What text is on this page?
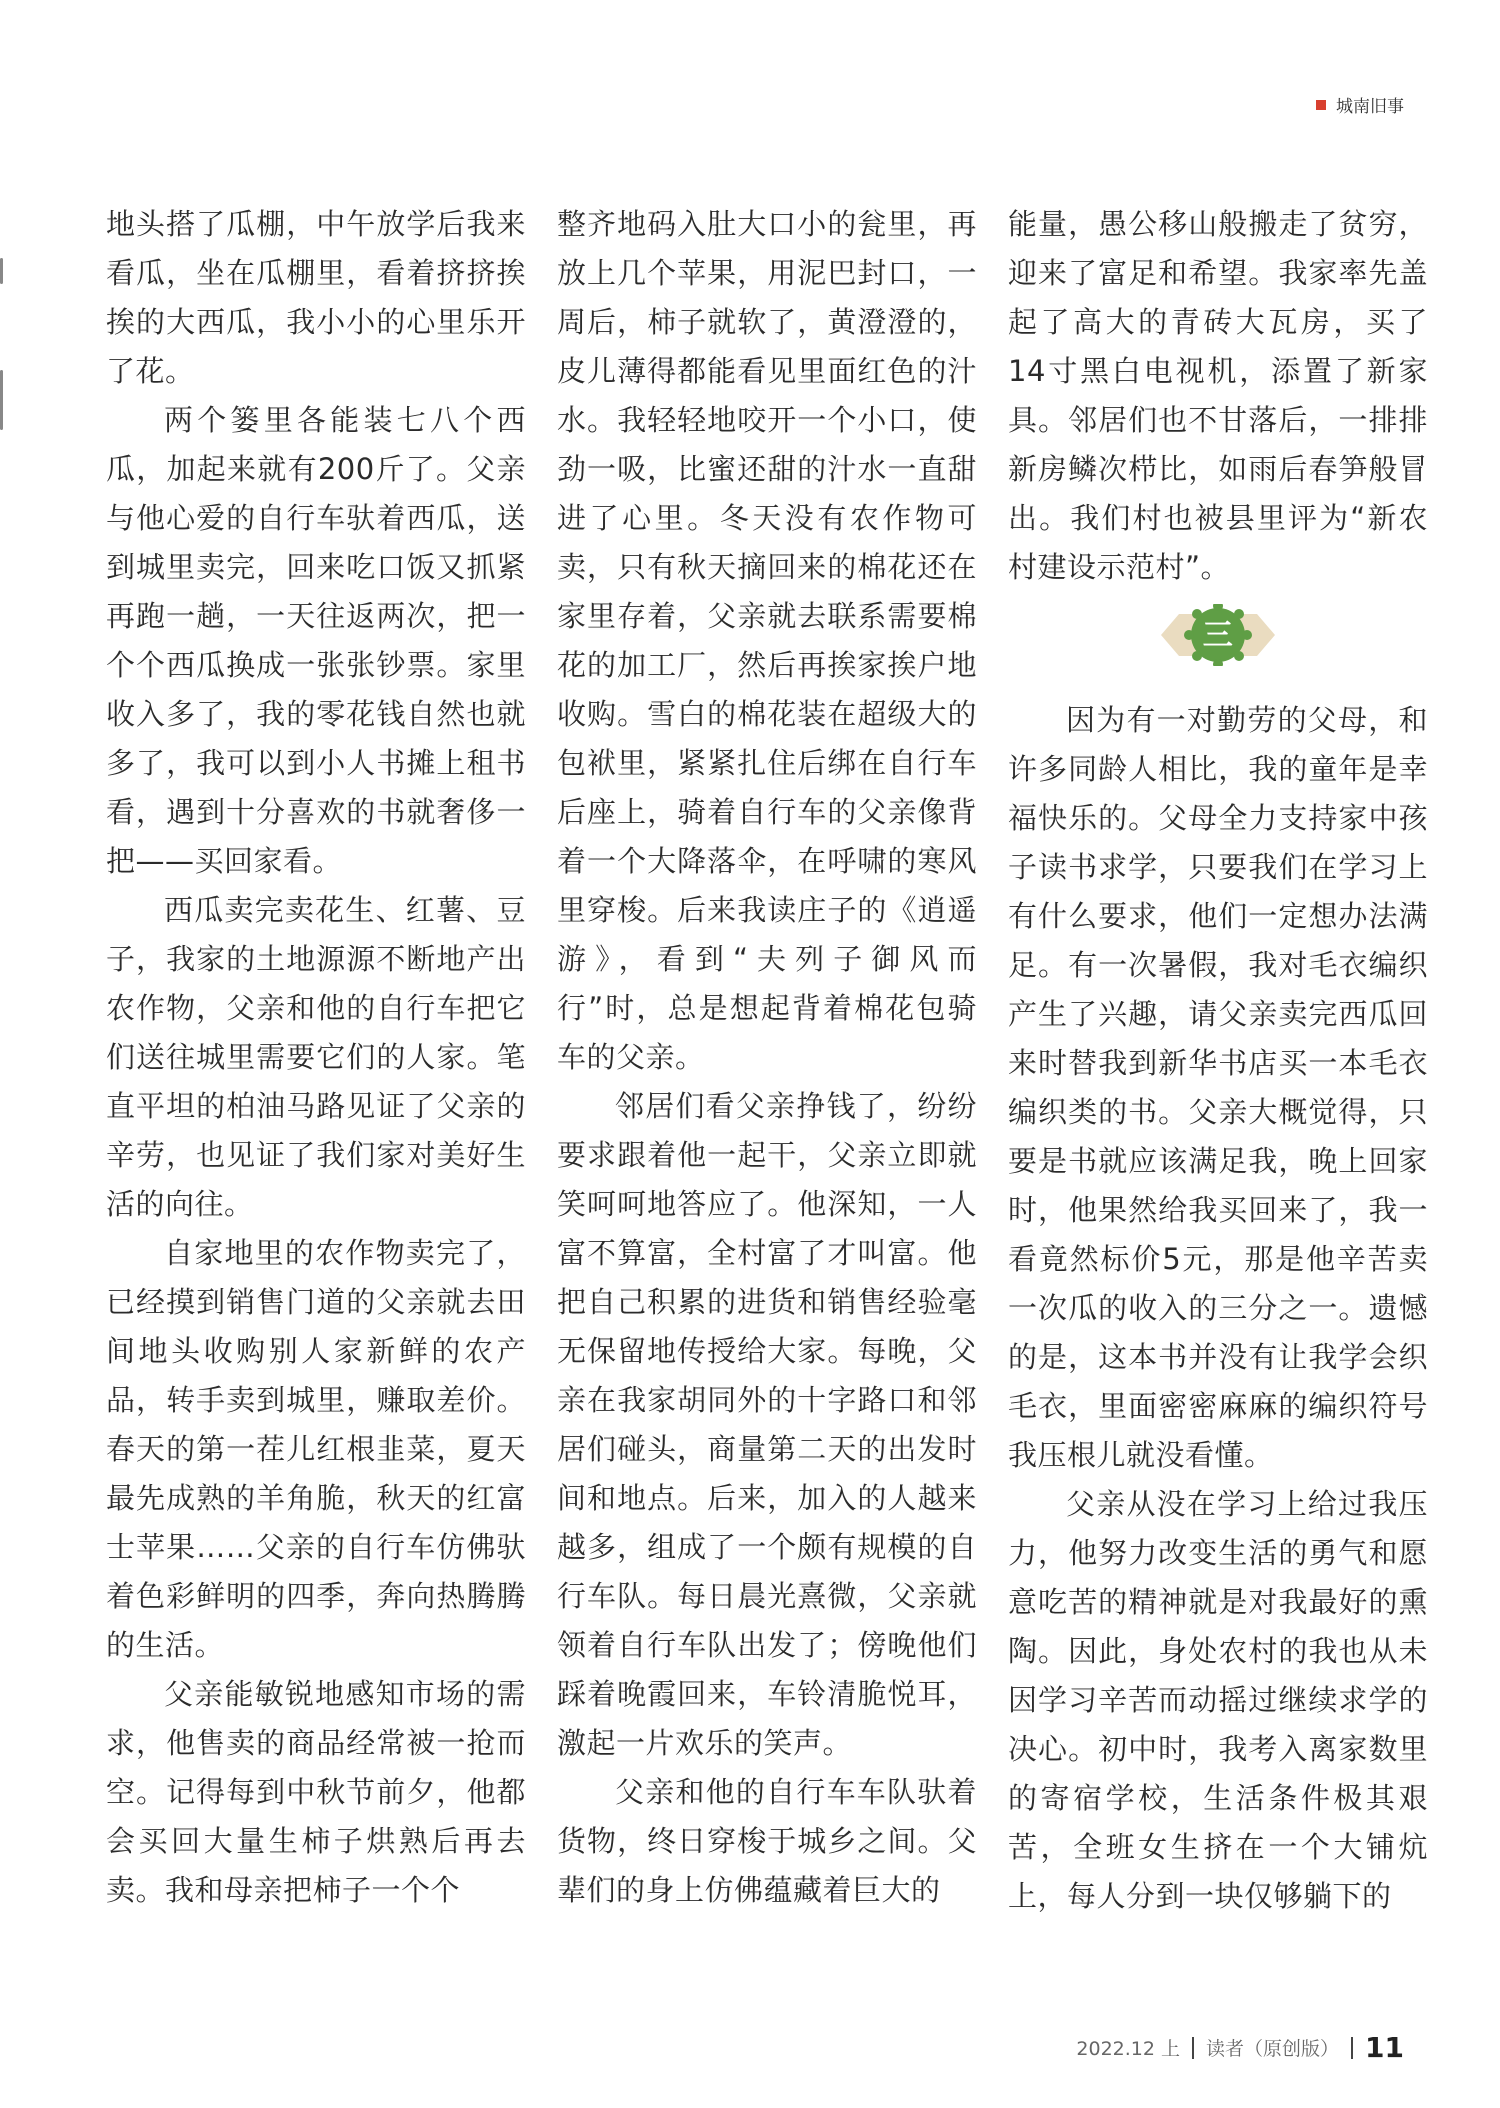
城南旧事

地头搭了瓜棚，中午放学后我来看瓜，坐在瓜棚里，看着挤挤挨挨的大西瓜，我小小的心里乐开了花。

两个篓里各能装七八个西瓜，加起来就有200斤了。父亲与他心爱的自行车驮着西瓜，送到城里卖完，回来吃口饭又抓紧再跑一趟，一天往返两次，把一个个西瓜换成一张张钞票。家里收入多了，我的零花钱自然也就多了，我可以到小人书摊上租书看，遇到十分喜欢的书就奢侈一把——买回家看。

西瓜卖完卖花生、红薯、豆子，我家的土地源源不断地产出农作物，父亲和他的自行车把它们送往城里需要它们的人家。笔直平坦的柏油马路见证了父亲的辛劳，也见证了我们家对美好生活的向往。

自家地里的农作物卖完了，已经摸到销售门道的父亲就去田间地头收购别人家新鲜的农产品，转手卖到城里，赚取差价。春天的第一茬儿红根韭菜，夏天最先成熟的羊角脆，秋天的红富士苹果……父亲的自行车仿佛驮着色彩鲜明的四季，奔向热腾腾的生活。

父亲能敏锐地感知市场的需求，他售卖的商品经常被一抢而空。记得每到中秋节前夕，他都会买回大量生柿子烘熟后再去卖。我和母亲把柿子一个个

整齐地码入肚大口小的瓮里，再放上几个苹果，用泥巴封口，一周后，柿子就软了，黄澄澄的，皮儿薄得都能看见里面红色的汁水。我轻轻地咬开一个小口，使劲一吸，比蜜还甜的汁水一直甜进了心里。冬天没有农作物可卖，只有秋天摘回来的棉花还在家里存着，父亲就去联系需要棉花的加工厂，然后再挨家挨户地收购。雪白的棉花装在超级大的包袱里，紧紧扎住后绑在自行车后座上，骑着自行车的父亲像背着一个大降落伞，在呼啸的寒风里穿梭。后来我读庄子的《逍遥游》，看到“夫列子御风而行”时，总是想起背着棉花包骑车的父亲。

邻居们看父亲挣钱了，纷纷要求跟着他一起干，父亲立即就笑呵呵地答应了。他深知，一人富不算富，全村富了才叫富。他把自己积累的进货和销售经验毫无保留地传授给大家。每晚，父亲在我家胡同外的十字路口和邻居们碰头，商量第二天的出发时间和地点。后来，加入的人越来越多，组成了一个颇有规模的自行车队。每日晨光熹微，父亲就领着自行车队出发了；傍晚他们踩着晚霞回来，车铃清脆悦耳，激起一片欢乐的笑声。

父亲和他的自行车车队驮着货物，终日穿梭于城乡之间。父辈们的身上仿佛蕴藏着巨大的

能量，愚公移山般搬走了贫穷，迎来了富足和希望。我家率先盖起了高大的青砖大瓦房，买了14寸黑白电视机，添置了新家具。邻居们也不甘落后，一排排新房鳞次栉比，如雨后春笋般冒出。我们村也被县里评为“新农村建设示范村”。

三

因为有一对勤劳的父母，和许多同龄人相比，我的童年是幸福快乐的。父母全力支持家中孩子读书求学，只要我们在学习上有什么要求，他们一定想办法满足。有一次暑假，我对毛衣编织产生了兴趣，请父亲卖完西瓜回来时替我到新华书店买一本毛衣编织类的书。父亲大概觉得，只要是书就应该满足我，晚上回家时，他果然给我买回来了，我一看竟然标价5元，那是他辛苦卖一次瓜的收入的三分之一。遗憾的是，这本书并没有让我学会织毛衣，里面密密麻麻的编织符号我压根儿就没看懂。

父亲从没在学习上给过我压力，他努力改变生活的勇气和愿意吃苦的精神就是对我最好的熏陶。因此，身处农村的我也从未因学习辛苦而动摇过继续求学的决心。初中时，我考入离家数里的寄宿学校，生活条件极其艰苦，全班女生挤在一个大铺炕上，每人分到一块仅够躺下的

2022.12 上 读者（原创版） 11
